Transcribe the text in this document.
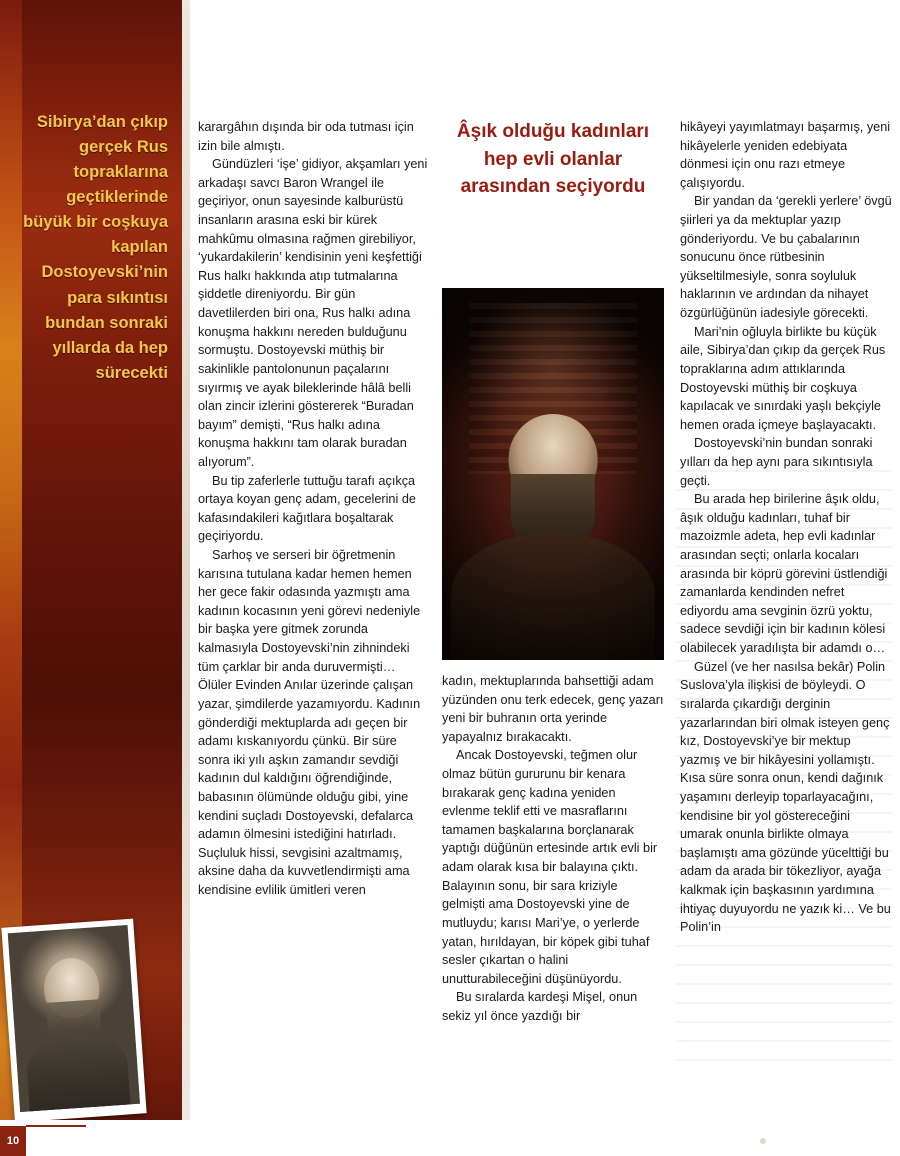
Sibirya’dan çıkıp gerçek Rus topraklarına geçtiklerinde büyük bir coşkuya kapılan Dostoyevski’nin para sıkıntısı bundan sonraki yıllarda da hep sürecekti

karargâhın dışında bir oda tutması için izin bile almıştı.

Gündüzleri ‘işe’ gidiyor, akşamları yeni arkadaşı savcı Baron Wrangel ile geçiriyor, onun sayesinde kalburüstü insanların arasına eski bir kürek mahkûmu olmasına rağmen girebiliyor, ‘yukardakilerin’ kendisinin yeni keşfettiği Rus halkı hakkında atıp tutmalarına şiddetle direniyordu. Bir gün davetlilerden biri ona, Rus halkı adına konuşma hakkını nereden bulduğunu sormuştu. Dostoyevski müthiş bir sakinlikle pantolonunun paçalarını sıyırmış ve ayak bileklerinde hâlâ belli olan zincir izlerini göstererek “Buradan bayım” demişti, “Rus halkı adına konuşma hakkını tam olarak buradan alıyorum”.

Bu tip zaferlerle tuttuğu tarafı açıkça ortaya koyan genç adam, gecelerini de kafasındakileri kağıtlara boşaltarak geçiriyordu.

Sarhoş ve serseri bir öğretmenin karısına tutulana kadar hemen hemen her gece fakir odasında yazmıştı ama kadının kocasının yeni görevi nedeniyle bir başka yere gitmek zorunda kalmasıyla Dostoyevski’nin zihnindeki tüm çarklar bir anda duruvermişti… Ölüler Evinden Anılar üzerinde çalışan yazar, şimdilerde yazamıyordu. Kadının gönderdiği mektuplarda adı geçen bir adamı kıskanıyordu çünkü. Bir süre sonra iki yılı aşkın zamandır sevdiği kadının dul kaldığını öğrendiğinde, babasının ölümünde olduğu gibi, yine kendini suçladı Dostoyevski, defalarca adamın ölmesini istediğini hatırladı. Suçluluk hissi, sevgisini azaltmamış, aksine daha da kuvvetlendirmişti ama kendisine evlilik ümitleri veren

Âşık olduğu kadınları hep evli olanlar arasından seçiyordu

kadın, mektuplarında bahsettiği adam yüzünden onu terk edecek, genç yazarı yeni bir buhranın orta yerinde yapayalnız bırakacaktı.

Ancak Dostoyevski, teğmen olur olmaz bütün gururunu bir kenara bırakarak genç kadına yeniden evlenme teklif etti ve masraflarını tamamen başkalarına borçlanarak yaptığı düğünün ertesinde artık evli bir adam olarak kısa bir balayına çıktı. Balayının sonu, bir sara kriziyle gelmişti ama Dostoyevski yine de mutluydu; karısı Mari’ye, o yerlerde yatan, hırıldayan, bir köpek gibi tuhaf sesler çıkartan o halini unutturabileceğini düşünüyordu.

Bu sıralarda kardeşi Mişel, onun sekiz yıl önce yazdığı bir

hikâyeyi yayımlatmayı başarmış, yeni hikâyelerle yeniden edebiyata dönmesi için onu razı etmeye çalışıyordu.

Bir yandan da ‘gerekli yerlere’ övgü şiirleri ya da mektuplar yazıp gönderiyordu. Ve bu çabalarının sonucunu önce rütbesinin yükseltilmesiyle, sonra soyluluk haklarının ve ardından da nihayet özgürlüğünün iadesiyle görecekti.

Mari’nin oğluyla birlikte bu küçük aile, Sibirya’dan çıkıp da gerçek Rus topraklarına adım attıklarında Dostoyevski müthiş bir coşkuya kapılacak ve sınırdaki yaşlı bekçiyle hemen orada içmeye başlayacaktı.

Dostoyevski’nin bundan sonraki yılları da hep aynı para sıkıntısıyla geçti.

Bu arada hep birilerine âşık oldu, âşık olduğu kadınları, tuhaf bir mazoizmle adeta, hep evli kadınlar arasından seçti; onlarla kocaları arasında bir köprü görevini üstlendiği zamanlarda kendinden nefret ediyordu ama sevginin özrü yoktu, sadece sevdiği için bir kadının kölesi olabilecek yaradılışta bir adamdı o…

Güzel (ve her nasılsa bekâr) Polin Suslova’yla ilişkisi de böyleydi. O sıralarda çıkardığı derginin yazarlarından biri olmak isteyen genç kız, Dostoyevski’ye bir mektup yazmış ve bir hikâyesini yollamıştı. Kısa süre sonra onun, kendi dağınık yaşamını derleyip toparlayacağını, kendisine bir yol göstereceğini umarak onunla birlikte olmaya başlamıştı ama gözünde yücelttiği bu adam da arada bir tökezliyor, ayağa kalkmak için başkasının yardımına ihtiyaç duyuyordu ne yazık ki… Ve bu Polin’in

10
